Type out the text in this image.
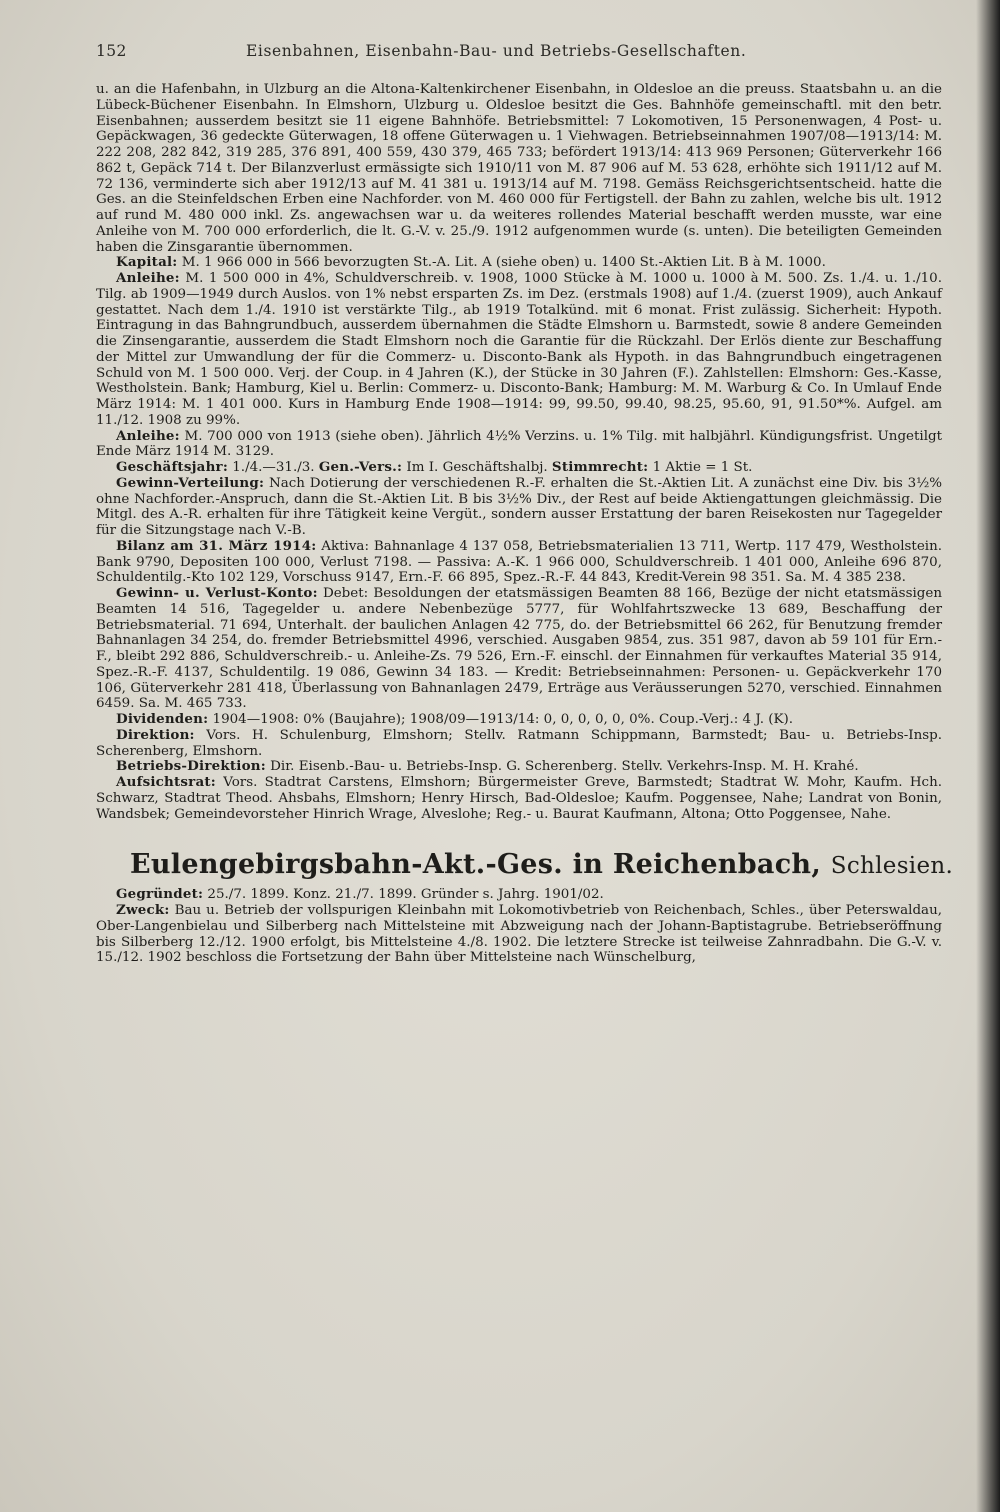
152	Eisenbahnen, Eisenbahn-Bau- und Betriebs-Gesellschaften.

u. an die Hafenbahn, in Ulzburg an die Altona-Kaltenkirchener Eisenbahn, in Oldesloe an die preuss. Staatsbahn u. an die Lübeck-Büchener Eisenbahn. In Elmshorn, Ulzburg u. Oldesloe besitzt die Ges. Bahnhöfe gemeinschaftl. mit den betr. Eisenbahnen; ausserdem besitzt sie 11 eigene Bahnhöfe. Betriebsmittel: 7 Lokomotiven, 15 Personenwagen, 4 Post- u. Gepäckwagen, 36 gedeckte Güterwagen, 18 offene Güterwagen u. 1 Viehwagen. Betriebseinnahmen 1907/08—1913/14: M. 222 208, 282 842, 319 285, 376 891, 400 559, 430 379, 465 733; befördert 1913/14: 413 969 Personen; Güterverkehr 166 862 t, Gepäck 714 t. Der Bilanzverlust ermässigte sich 1910/11 von M. 87 906 auf M. 53 628, erhöhte sich 1911/12 auf M. 72 136, verminderte sich aber 1912/13 auf M. 41 381 u. 1913/14 auf M. 7198. Gemäss Reichsgerichtsentscheid. hatte die Ges. an die Steinfeldschen Erben eine Nachforder. von M. 460 000 für Fertigstell. der Bahn zu zahlen, welche bis ult. 1912 auf rund M. 480 000 inkl. Zs. angewachsen war u. da weiteres rollendes Material beschafft werden musste, war eine Anleihe von M. 700 000 erforderlich, die lt. G.-V. v. 25./9. 1912 aufgenommen wurde (s. unten). Die beteiligten Gemeinden haben die Zinsgarantie übernommen.

Kapital: M. 1 966 000 in 566 bevorzugten St.-A. Lit. A (siehe oben) u. 1400 St.-Aktien Lit. B à M. 1000.

Anleihe: M. 1 500 000 in 4%, Schuldverschreib. v. 1908, 1000 Stücke à M. 1000 u. 1000 à M. 500. Zs. 1./4. u. 1./10. Tilg. ab 1909—1949 durch Auslos. von 1% nebst ersparten Zs. im Dez. (erstmals 1908) auf 1./4. (zuerst 1909), auch Ankauf gestattet. Nach dem 1./4. 1910 ist verstärkte Tilg., ab 1919 Totalkünd. mit 6 monat. Frist zulässig. Sicherheit: Hypoth. Eintragung in das Bahngrundbuch, ausserdem übernahmen die Städte Elmshorn u. Barmstedt, sowie 8 andere Gemeinden die Zinsengarantie, ausserdem die Stadt Elmshorn noch die Garantie für die Rückzahl. Der Erlös diente zur Beschaffung der Mittel zur Umwandlung der für die Commerz- u. Disconto-Bank als Hypoth. in das Bahngrundbuch eingetragenen Schuld von M. 1 500 000. Verj. der Coup. in 4 Jahren (K.), der Stücke in 30 Jahren (F.). Zahlstellen: Elmshorn: Ges.-Kasse, Westholstein. Bank; Hamburg, Kiel u. Berlin: Commerz- u. Disconto-Bank; Hamburg: M. M. Warburg & Co. In Umlauf Ende März 1914: M. 1 401 000. Kurs in Hamburg Ende 1908—1914: 99, 99.50, 99.40, 98.25, 95.60, 91, 91.50*%. Aufgel. am 11./12. 1908 zu 99%.

Anleihe: M. 700 000 von 1913 (siehe oben). Jährlich 4½% Verzins. u. 1% Tilg. mit halbjährl. Kündigungsfrist. Ungetilgt Ende März 1914 M. 3129.

Geschäftsjahr: 1./4.—31./3. Gen.-Vers.: Im I. Geschäftshalbj. Stimmrecht: 1 Aktie = 1 St.

Gewinn-Verteilung: Nach Dotierung der verschiedenen R.-F. erhalten die St.-Aktien Lit. A zunächst eine Div. bis 3½% ohne Nachforder.-Anspruch, dann die St.-Aktien Lit. B bis 3½% Div., der Rest auf beide Aktiengattungen gleichmässig. Die Mitgl. des A.-R. erhalten für ihre Tätigkeit keine Vergüt., sondern ausser Erstattung der baren Reisekosten nur Tagegelder für die Sitzungstage nach V.-B.

Bilanz am 31. März 1914: Aktiva: Bahnanlage 4 137 058, Betriebsmaterialien 13 711, Wertp. 117 479, Westholstein. Bank 9790, Depositen 100 000, Verlust 7198. — Passiva: A.-K. 1 966 000, Schuldverschreib. 1 401 000, Anleihe 696 870, Schuldentilg.-Kto 102 129, Vorschuss 9147, Ern.-F. 66 895, Spez.-R.-F. 44 843, Kredit-Verein 98 351. Sa. M. 4 385 238.

Gewinn- u. Verlust-Konto: Debet: Besoldungen der etatsmässigen Beamten 88 166, Bezüge der nicht etatsmässigen Beamten 14 516, Tagegelder u. andere Nebenbezüge 5777, für Wohlfahrtszwecke 13 689, Beschaffung der Betriebsmaterial. 71 694, Unterhalt. der baulichen Anlagen 42 775, do. der Betriebsmittel 66 262, für Benutzung fremder Bahnanlagen 34 254, do. fremder Betriebsmittel 4996, verschied. Ausgaben 9854, zus. 351 987, davon ab 59 101 für Ern.-F., bleibt 292 886, Schuldverschreib.- u. Anleihe-Zs. 79 526, Ern.-F. einschl. der Einnahmen für verkauftes Material 35 914, Spez.-R.-F. 4137, Schuldentilg. 19 086, Gewinn 34 183. — Kredit: Betriebseinnahmen: Personen- u. Gepäckverkehr 170 106, Güterverkehr 281 418, Überlassung von Bahnanlagen 2479, Erträge aus Veräusserungen 5270, verschied. Einnahmen 6459. Sa. M. 465 733.

Dividenden: 1904—1908: 0% (Baujahre); 1908/09—1913/14: 0, 0, 0, 0, 0, 0%. Coup.-Verj.: 4 J. (K).

Direktion: Vors. H. Schulenburg, Elmshorn; Stellv. Ratmann Schippmann, Barmstedt; Bau- u. Betriebs-Insp. Scherenberg, Elmshorn.

Betriebs-Direktion: Dir. Eisenb.-Bau- u. Betriebs-Insp. G. Scherenberg. Stellv. Verkehrs-Insp. M. H. Krahé.

Aufsichtsrat: Vors. Stadtrat Carstens, Elmshorn; Bürgermeister Greve, Barmstedt; Stadtrat W. Mohr, Kaufm. Hch. Schwarz, Stadtrat Theod. Ahsbahs, Elmshorn; Henry Hirsch, Bad-Oldesloe; Kaufm. Poggensee, Nahe; Landrat von Bonin, Wandsbek; Gemeindevorsteher Hinrich Wrage, Alveslohe; Reg.- u. Baurat Kaufmann, Altona; Otto Poggensee, Nahe.

Eulengebirgsbahn-Akt.-Ges. in Reichenbach, Schlesien.

Gegründet: 25./7. 1899. Konz. 21./7. 1899. Gründer s. Jahrg. 1901/02.

Zweck: Bau u. Betrieb der vollspurigen Kleinbahn mit Lokomotivbetrieb von Reichenbach, Schles., über Peterswaldau, Ober-Langenbielau und Silberberg nach Mittelsteine mit Abzweigung nach der Johann-Baptistagrube. Betriebseröffnung bis Silberberg 12./12. 1900 erfolgt, bis Mittelsteine 4./8. 1902. Die letztere Strecke ist teilweise Zahnradbahn. Die G.-V. v. 15./12. 1902 beschloss die Fortsetzung der Bahn über Mittelsteine nach Wünschelburg,
